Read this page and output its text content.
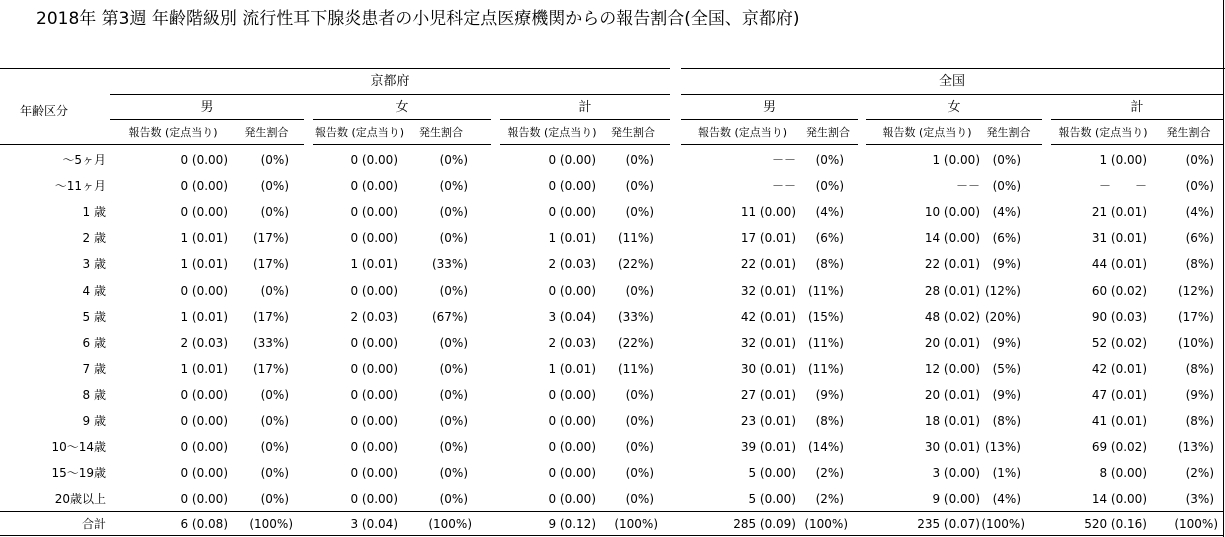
2018年 第3週 年齢階級別 流行性耳下腺炎患者の小児科定点医療機関からの報告割合(全国、京都府)
京都府	全国
年齢区分	男
報告数 (定点当り)	発生割合
女
報告数 (定点当り)	発生割合
計
報告数 (定点当り)	発生割合
男
報告数 (定点当り)	発生割合
女
報告数 (定点当り)	発生割合
計
報告数 (定点当り)	発生割合
～5ヶ月	0 (0.00)	(0%)	0 (0.00)	(0%)	0 (0.00)	(0%)	－－	(0%)	1 (0.00)	(0%)	1 (0.00)	(0%)
～11ヶ月	0 (0.00)	(0%)	0 (0.00)	(0%)	0 (0.00)	(0%)	－－	(0%)	－－	(0%)	－　　－	(0%)
1 歳	0 (0.00)	(0%)	0 (0.00)	(0%)	0 (0.00)	(0%)	11 (0.00)	(4%)	10 (0.00)	(4%)	21 (0.01)	(4%)
2 歳	1 (0.01)	(17%)	0 (0.00)	(0%)	1 (0.01)	(11%)	17 (0.01)	(6%)	14 (0.00)	(6%)	31 (0.01)	(6%)
3 歳	1 (0.01)	(17%)	1 (0.01)	(33%)	2 (0.03)	(22%)	22 (0.01)	(8%)	22 (0.01)	(9%)	44 (0.01)	(8%)
4 歳	0 (0.00)	(0%)	0 (0.00)	(0%)	0 (0.00)	(0%)	32 (0.01) (11%)	28 (0.01) (12%)	60 (0.02)	(12%)
5 歳	1 (0.01)	(17%)	2 (0.03)	(67%)	3 (0.04)	(33%)	42 (0.01) (15%)	48 (0.02) (20%)	90 (0.03)	(17%)
6 歳	2 (0.03)	(33%)	0 (0.00)	(0%)	2 (0.03)	(22%)	32 (0.01) (11%)	20 (0.01)	(9%)	52 (0.02)	(10%)
7 歳	1 (0.01)	(17%)	0 (0.00)	(0%)	1 (0.01)	(11%)	30 (0.01) (11%)	12 (0.00)	(5%)	42 (0.01)	(8%)
8 歳	0 (0.00)	(0%)	0 (0.00)	(0%)	0 (0.00)	(0%)	27 (0.01)	(9%)	20 (0.01)	(9%)	47 (0.01)	(9%)
9 歳	0 (0.00)	(0%)	0 (0.00)	(0%)	0 (0.00)	(0%)	23 (0.01)	(8%)	18 (0.01)	(8%)	41 (0.01)	(8%)
10～14歳	0 (0.00)	(0%)	0 (0.00)	(0%)	0 (0.00)	(0%)	39 (0.01) (14%)	30 (0.01) (13%)	69 (0.02)	(13%)
15～19歳	0 (0.00)	(0%)	0 (0.00)	(0%)	0 (0.00)	(0%)	5 (0.00)	(2%)	3 (0.00)	(1%)	8 (0.00)	(2%)
20歳以上	0 (0.00)	(0%)	0 (0.00)	(0%)	0 (0.00)	(0%)	5 (0.00)	(2%)	9 (0.00)	(4%)	14 (0.00)	(3%)
合計	6 (0.08)	(100%)	3 (0.04)	(100%)	9 (0.12)	(100%)	285 (0.09) (100%)	235 (0.07) (100%)	520 (0.16)	(100%)
